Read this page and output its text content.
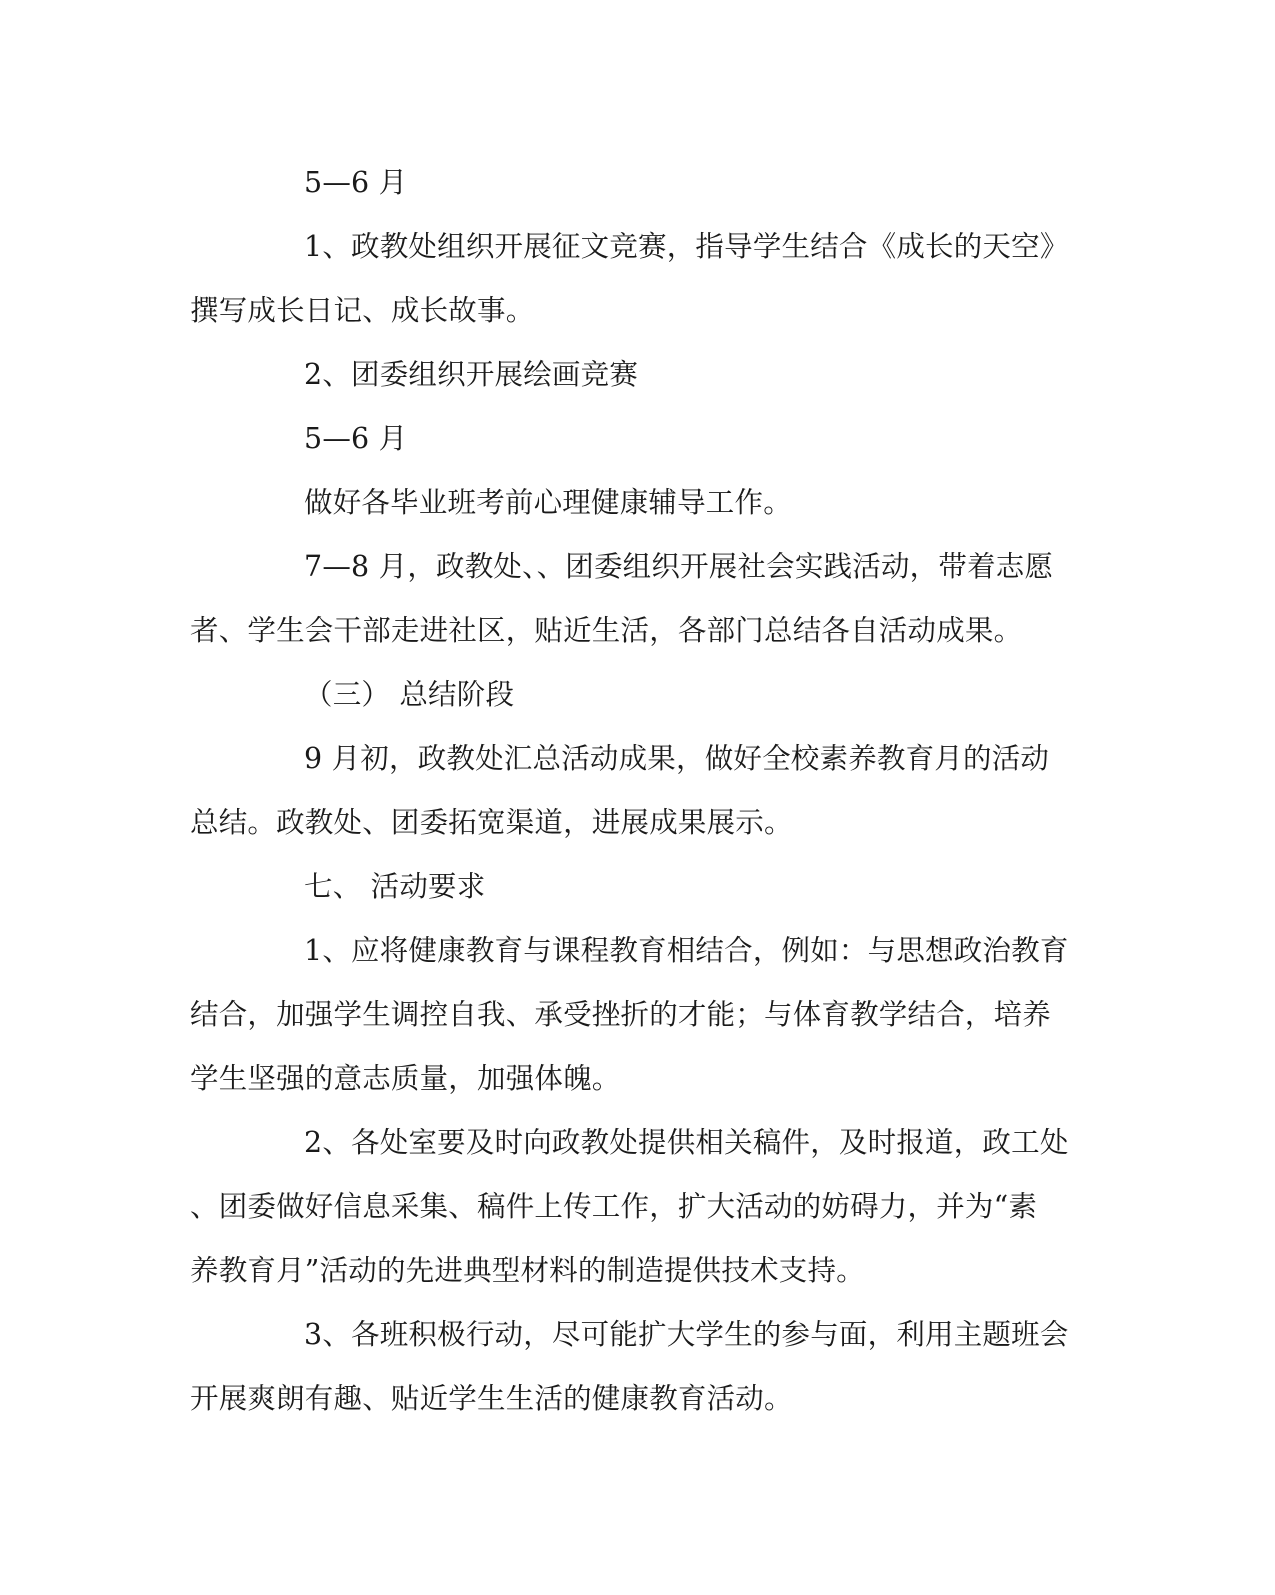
5—6 月
1、政教处组织开展征文竞赛，指导学生结合《成长的天空》
撰写成长日记、成长故事。
2、团委组织开展绘画竞赛
5—6 月
做好各毕业班考前心理健康辅导工作。
7—8 月，政教处、、团委组织开展社会实践活动，带着志愿
者、学生会干部走进社区，贴近生活，各部门总结各自活动成果。
（三） 总结阶段
9 月初，政教处汇总活动成果，做好全校素养教育月的活动
总结。政教处、团委拓宽渠道，进展成果展示。
七、 活动要求
1、应将健康教育与课程教育相结合，例如：与思想政治教育
结合，加强学生调控自我、承受挫折的才能；与体育教学结合，培养
学生坚强的意志质量，加强体魄。
2、各处室要及时向政教处提供相关稿件，及时报道，政工处
、团委做好信息采集、稿件上传工作，扩大活动的妨碍力，并为“素
养教育月”活动的先进典型材料的制造提供技术支持。
3、各班积极行动，尽可能扩大学生的参与面，利用主题班会
开展爽朗有趣、贴近学生生活的健康教育活动。
